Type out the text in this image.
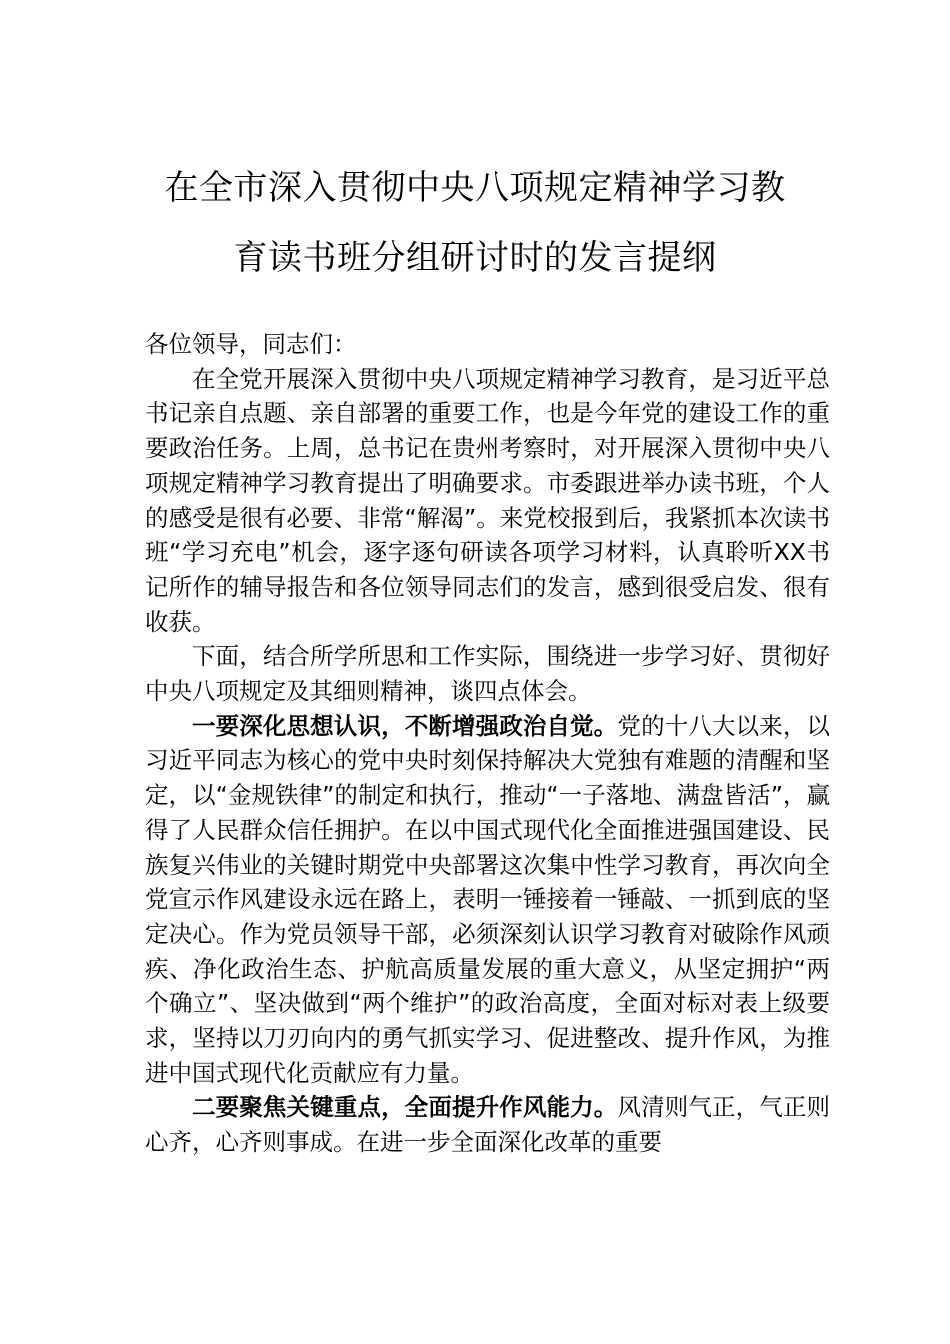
在全市深入贯彻中央八项规定精神学习教
育读书班分组研讨时的发言提纲

各位领导，同志们：

在全党开展深入贯彻中央八项规定精神学习教育，是习近平总书记亲自点题、亲自部署的重要工作，也是今年党的建设工作的重要政治任务。上周，总书记在贵州考察时，对开展深入贯彻中央八项规定精神学习教育提出了明确要求。市委跟进举办读书班，个人的感受是很有必要、非常“解渴”。来党校报到后，我紧抓本次读书班“学习充电”机会，逐字逐句研读各项学习材料，认真聆听XX书记所作的辅导报告和各位领导同志们的发言，感到很受启发、很有收获。

下面，结合所学所思和工作实际，围绕进一步学习好、贯彻好中央八项规定及其细则精神，谈四点体会。

一要深化思想认识，不断增强政治自觉。党的十八大以来，以习近平同志为核心的党中央时刻保持解决大党独有难题的清醒和坚定，以“金规铁律”的制定和执行，推动“一子落地、满盘皆活”，赢得了人民群众信任拥护。在以中国式现代化全面推进强国建设、民族复兴伟业的关键时期党中央部署这次集中性学习教育，再次向全党宣示作风建设永远在路上，表明一锤接着一锤敲、一抓到底的坚定决心。作为党员领导干部，必须深刻认识学习教育对破除作风顽疾、净化政治生态、护航高质量发展的重大意义，从坚定拥护“两个确立”、坚决做到“两个维护”的政治高度，全面对标对表上级要求，坚持以刀刃向内的勇气抓实学习、促进整改、提升作风，为推进中国式现代化贡献应有力量。

二要聚焦关键重点，全面提升作风能力。风清则气正，气正则心齐，心齐则事成。在进一步全面深化改革的重要
